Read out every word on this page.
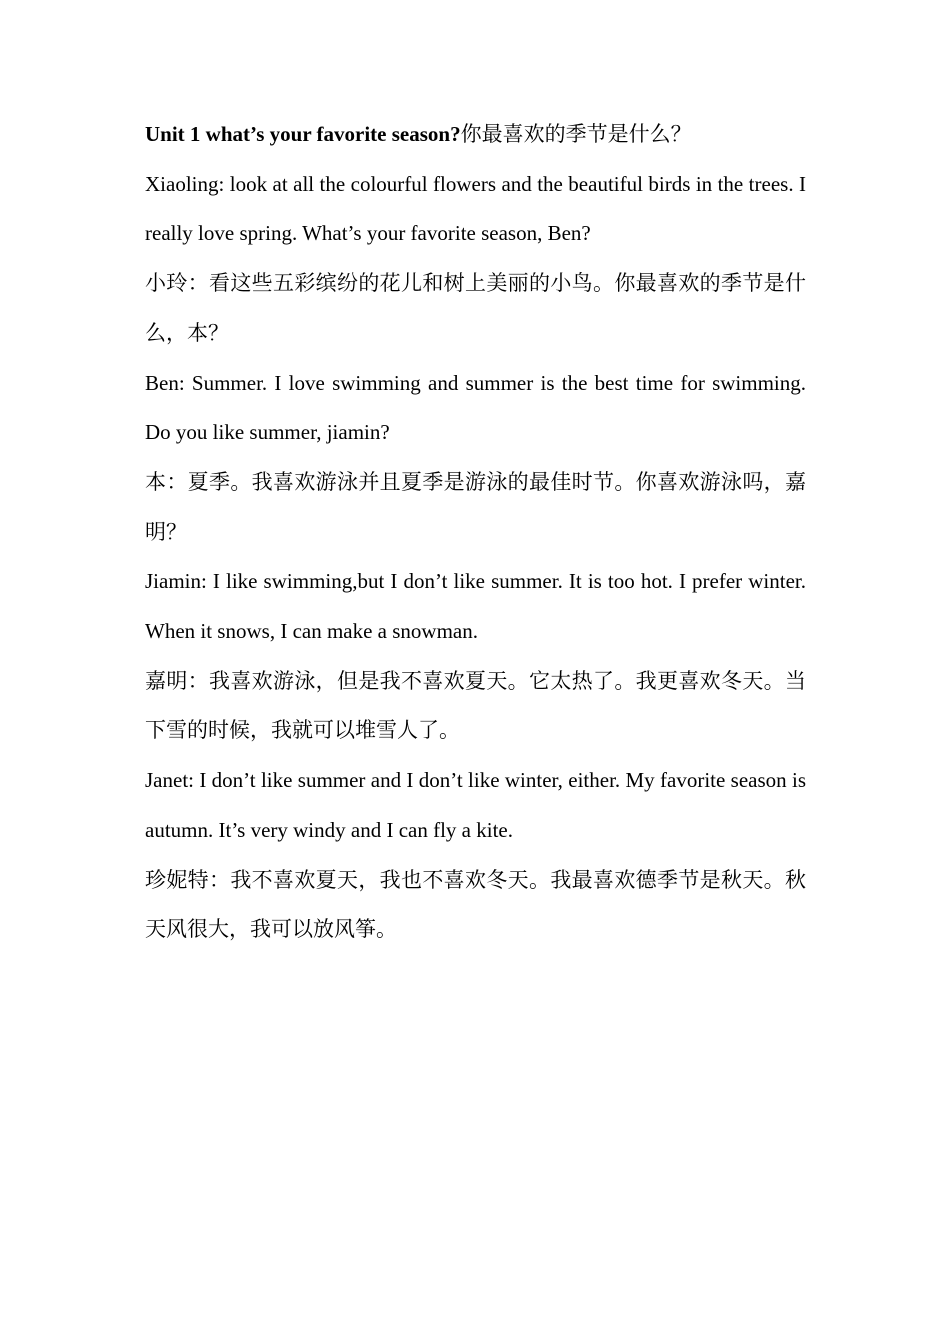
Unit 1 what’s your favorite season?你最喜欢的季节是什么？

Xiaoling: look at all the colourful flowers and the beautiful birds in the trees. I really love spring. What’s your favorite season, Ben?

小玲：看这些五彩缤纷的花儿和树上美丽的小鸟。你最喜欢的季节是什么，本？

Ben: Summer. I love swimming and summer is the best time for swimming. Do you like summer, jiamin?

本：夏季。我喜欢游泳并且夏季是游泳的最佳时节。你喜欢游泳吗，嘉明？

Jiamin: I like swimming,but I don’t like summer. It is too hot. I prefer winter. When it snows, I can make a snowman.

嘉明：我喜欢游泳，但是我不喜欢夏天。它太热了。我更喜欢冬天。当下雪的时候，我就可以堆雪人了。

Janet: I don’t like summer and I don’t like winter, either. My favorite season is autumn. It’s very windy and I can fly a kite.

珍妮特：我不喜欢夏天，我也不喜欢冬天。我最喜欢德季节是秋天。秋天风很大，我可以放风筝。
